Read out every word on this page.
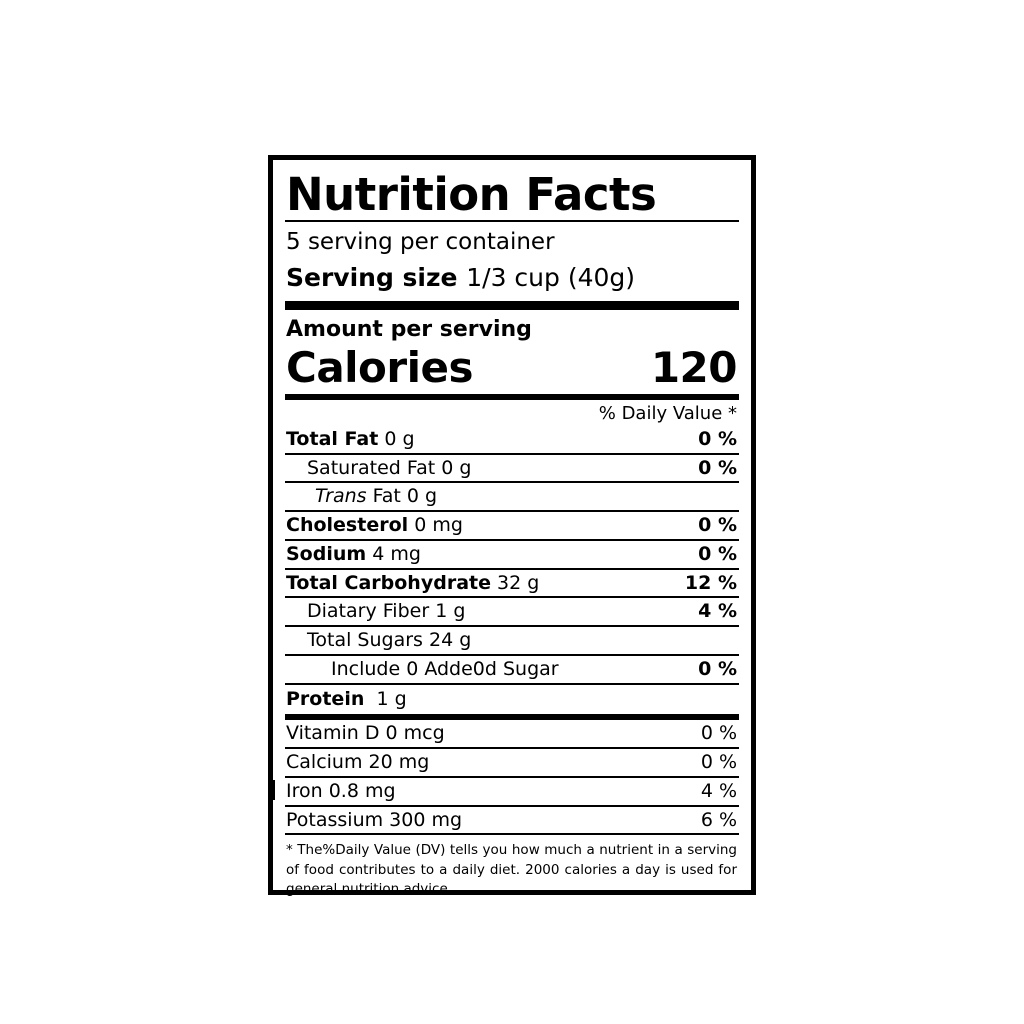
Nutrition Facts
5 serving per container
Serving size 1/3 cup (40g)
Amount per serving
Calories	120
% Daily Value *
Total Fat 0 g	0 %
Saturated Fat 0 g	0 %
Trans Fat 0 g
Cholesterol 0 mg	0 %
Sodium 4 mg	0 %
Total Carbohydrate 32 g	12 %
Diatary Fiber 1 g	4 %
Total Sugars 24 g
Include 0 Adde0d Sugar	0 %
Protein 1 g
Vitamin D 0 mcg	0 %
Calcium 20 mg	0 %
Iron 0.8 mg	4 %
Potassium 300 mg	6 %
* The%Daily Value (DV) tells you how much a nutrient in a serving of food contributes to a daily diet. 2000 calories a day is used for general nutrition advice.
